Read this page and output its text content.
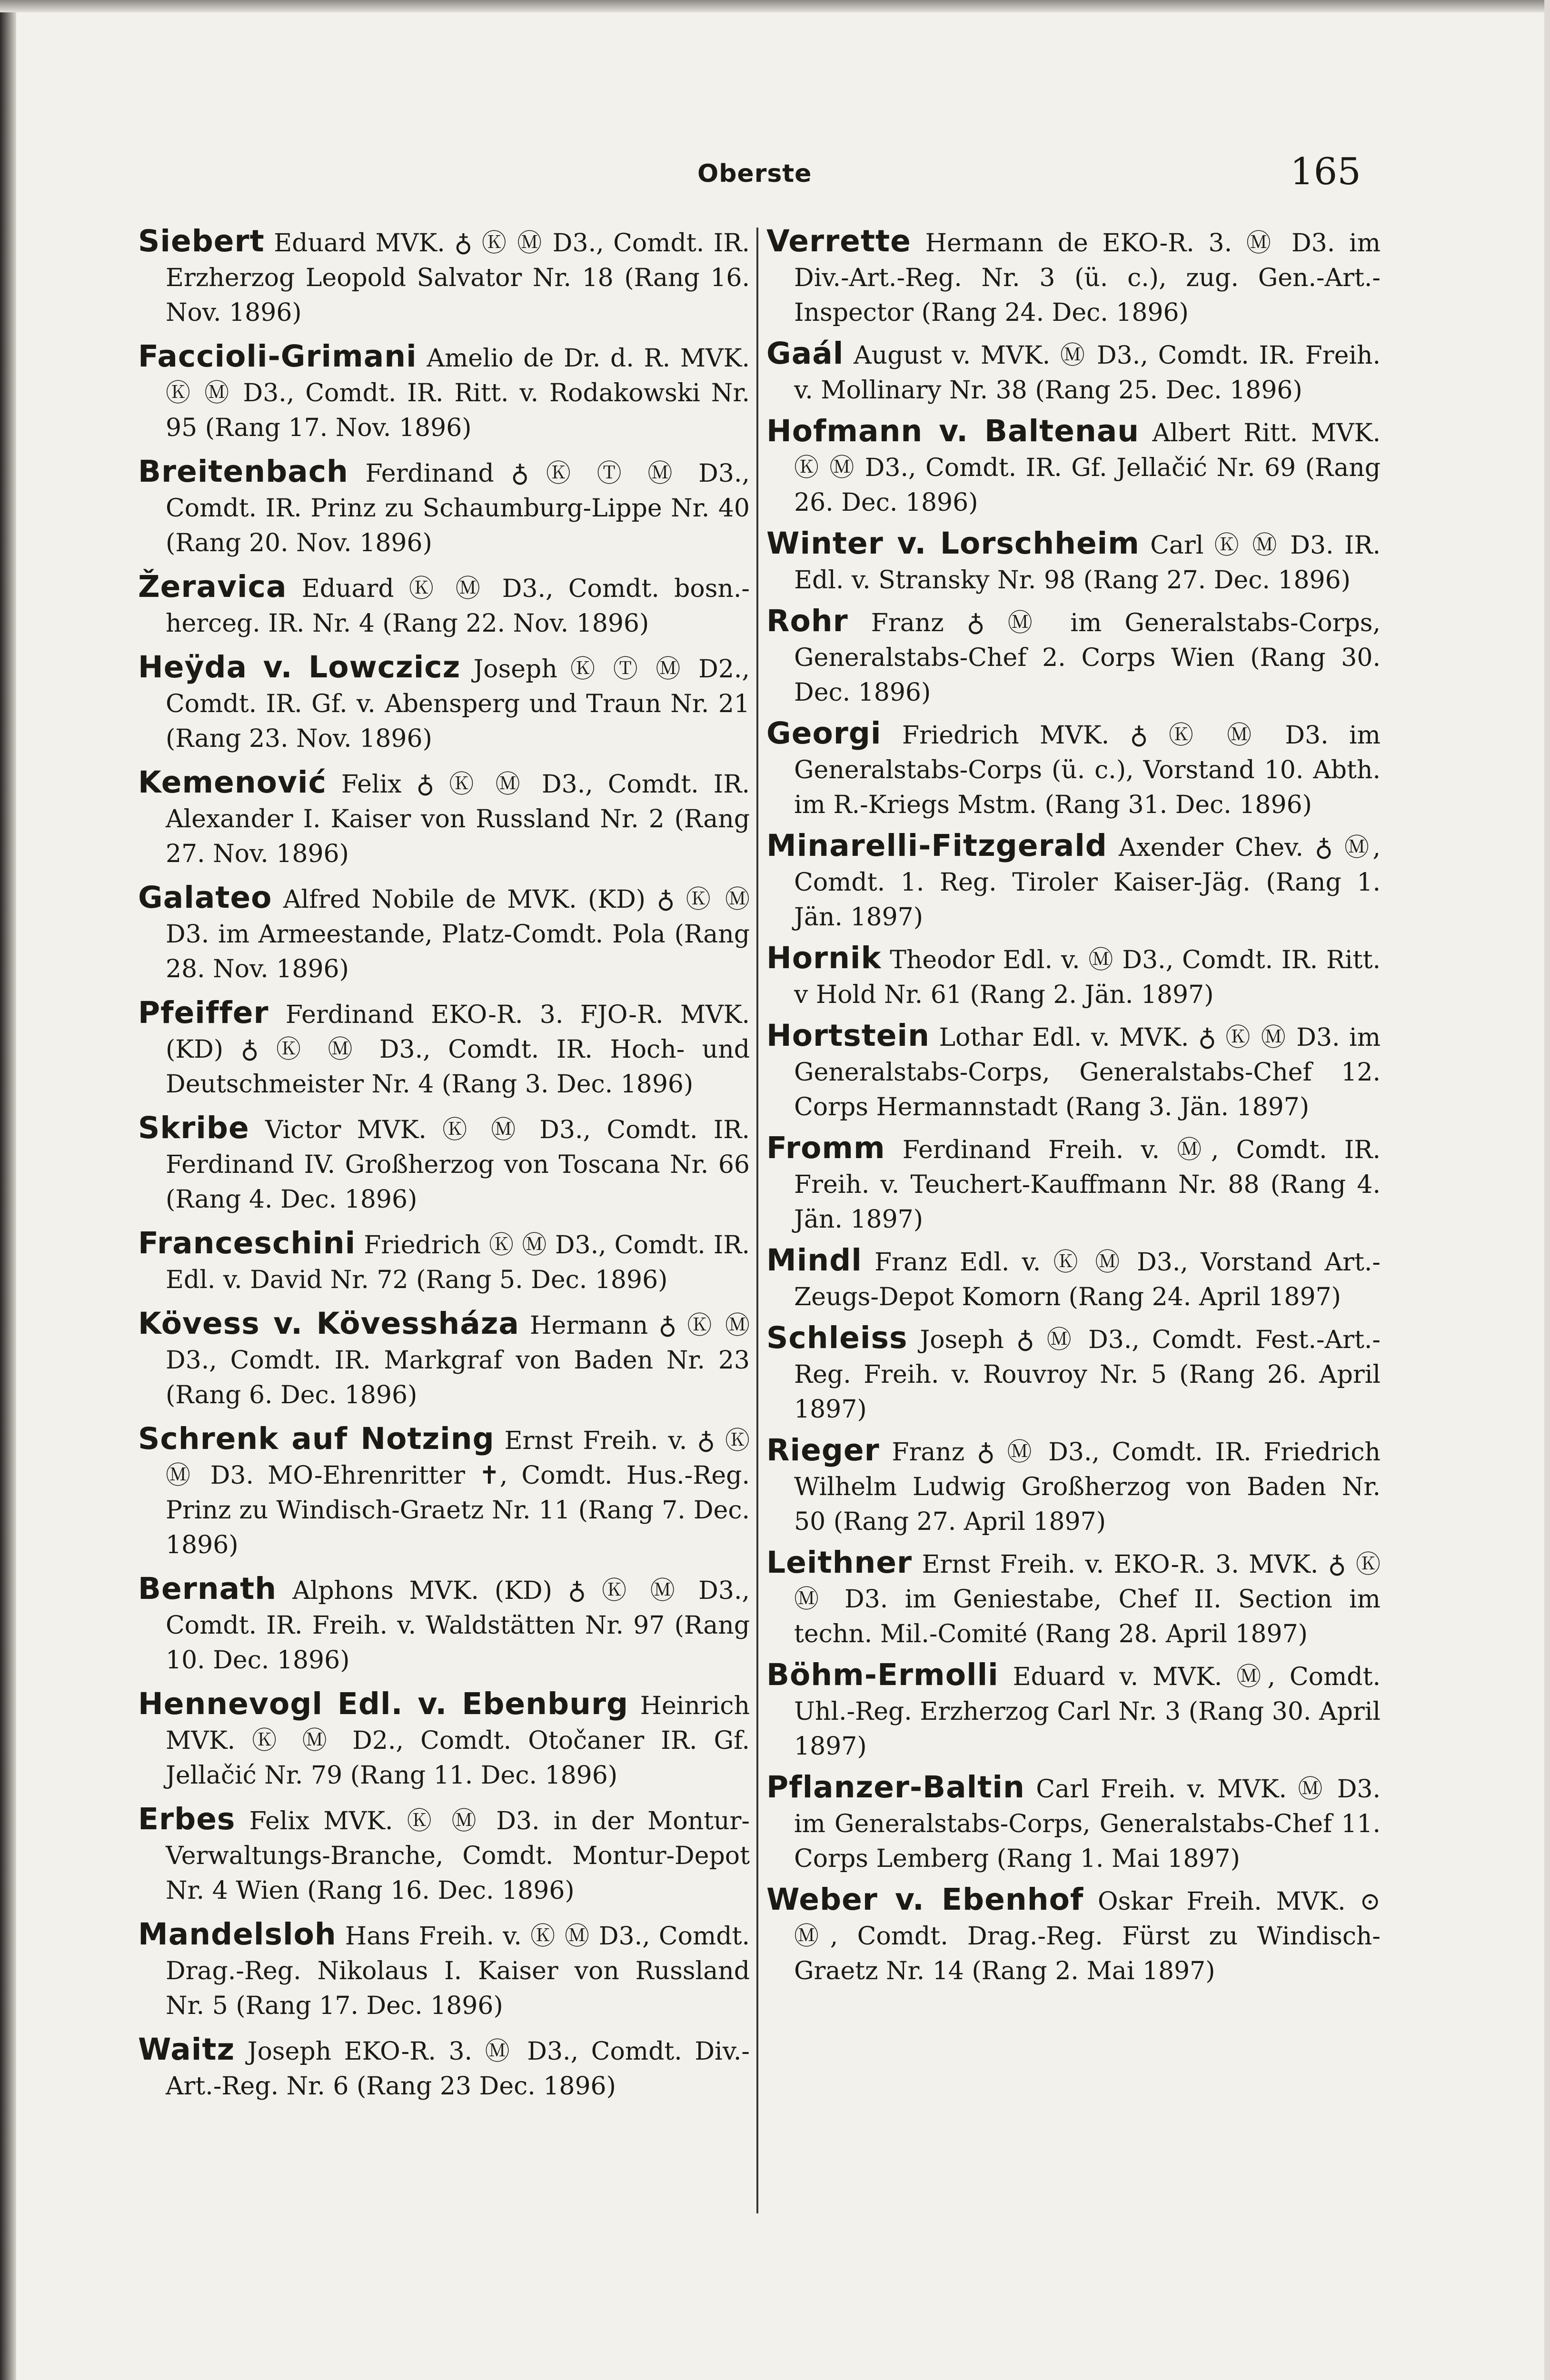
Oberste	165

Siebert Eduard MVK. ♁ Ⓚ Ⓜ D3., Comdt. IR. Erzherzog Leopold Salvator Nr. 18 (Rang 16. Nov. 1896)

Faccioli-Grimani Amelio de Dr. d. R. MVK. Ⓚ Ⓜ D3., Comdt. IR. Ritt. v. Rodakowski Nr. 95 (Rang 17. Nov. 1896)

Breitenbach Ferdinand ♁ Ⓚ Ⓣ Ⓜ D3., Comdt. IR. Prinz zu Schaumburg-Lippe Nr. 40 (Rang 20. Nov. 1896)

Žeravica Eduard Ⓚ Ⓜ D3., Comdt. bosn.-herceg. IR. Nr. 4 (Rang 22. Nov. 1896)

Heÿda v. Lowczicz Joseph Ⓚ Ⓣ Ⓜ D2., Comdt. IR. Gf. v. Abensperg und Traun Nr. 21 (Rang 23. Nov. 1896)

Kemenović Felix ♁ Ⓚ Ⓜ D3., Comdt. IR. Alexander I. Kaiser von Russland Nr. 2 (Rang 27. Nov. 1896)

Galateo Alfred Nobile de MVK. (KD) ♁ Ⓚ Ⓜ D3. im Armeestande, Platz-Comdt. Pola (Rang 28. Nov. 1896)

Pfeiffer Ferdinand EKO-R. 3. FJO-R. MVK. (KD) ♁ Ⓚ Ⓜ D3., Comdt. IR. Hoch- und Deutschmeister Nr. 4 (Rang 3. Dec. 1896)

Skribe Victor MVK. Ⓚ Ⓜ D3., Comdt. IR. Ferdinand IV. Großherzog von Toscana Nr. 66 (Rang 4. Dec. 1896)

Franceschini Friedrich Ⓚ Ⓜ D3., Comdt. IR. Edl. v. David Nr. 72 (Rang 5. Dec. 1896)

Kövess v. Kövessháza Hermann ♁ Ⓚ Ⓜ D3., Comdt. IR. Markgraf von Baden Nr. 23 (Rang 6. Dec. 1896)

Schrenk auf Notzing Ernst Freih. v. ♁ Ⓚ Ⓜ D3. MO-Ehrenritter ✝, Comdt. Hus.-Reg. Prinz zu Windisch-Graetz Nr. 11 (Rang 7. Dec. 1896)

Bernath Alphons MVK. (KD) ♁ Ⓚ Ⓜ D3., Comdt. IR. Freih. v. Waldstätten Nr. 97 (Rang 10. Dec. 1896)

Hennevogl Edl. v. Ebenburg Heinrich MVK. Ⓚ Ⓜ D2., Comdt. Otočaner IR. Gf. Jellačić Nr. 79 (Rang 11. Dec. 1896)

Erbes Felix MVK. Ⓚ Ⓜ D3. in der Montur-Verwaltungs-Branche, Comdt. Montur-Depot Nr. 4 Wien (Rang 16. Dec. 1896)

Mandelsloh Hans Freih. v. Ⓚ Ⓜ D3., Comdt. Drag.-Reg. Nikolaus I. Kaiser von Russland Nr. 5 (Rang 17. Dec. 1896)

Waitz Joseph EKO-R. 3. Ⓜ D3., Comdt. Div.-Art.-Reg. Nr. 6 (Rang 23 Dec. 1896)

Verrette Hermann de EKO-R. 3. Ⓜ D3. im Div.-Art.-Reg. Nr. 3 (ü. c.), zug. Gen.-Art.-Inspector (Rang 24. Dec. 1896)

Gaál August v. MVK. Ⓜ D3., Comdt. IR. Freih. v. Mollinary Nr. 38 (Rang 25. Dec. 1896)

Hofmann v. Baltenau Albert Ritt. MVK. Ⓚ Ⓜ D3., Comdt. IR. Gf. Jellačić Nr. 69 (Rang 26. Dec. 1896)

Winter v. Lorschheim Carl Ⓚ Ⓜ D3. IR. Edl. v. Stransky Nr. 98 (Rang 27. Dec. 1896)

Rohr Franz ♁ Ⓜ im Generalstabs-Corps, Generalstabs-Chef 2. Corps Wien (Rang 30. Dec. 1896)

Georgi Friedrich MVK. ♁ Ⓚ Ⓜ D3. im Generalstabs-Corps (ü. c.), Vorstand 10. Abth. im R.-Kriegs Mstm. (Rang 31. Dec. 1896)

Minarelli-Fitzgerald Axender Chev. ♁ Ⓜ, Comdt. 1. Reg. Tiroler Kaiser-Jäg. (Rang 1. Jän. 1897)

Hornik Theodor Edl. v. Ⓜ D3., Comdt. IR. Ritt. v Hold Nr. 61 (Rang 2. Jän. 1897)

Hortstein Lothar Edl. v. MVK. ♁ Ⓚ Ⓜ D3. im Generalstabs-Corps, Generalstabs-Chef 12. Corps Hermannstadt (Rang 3. Jän. 1897)

Fromm Ferdinand Freih. v. Ⓜ, Comdt. IR. Freih. v. Teuchert-Kauffmann Nr. 88 (Rang 4. Jän. 1897)

Mindl Franz Edl. v. Ⓚ Ⓜ D3., Vorstand Art.-Zeugs-Depot Komorn (Rang 24. April 1897)

Schleiss Joseph ♁ Ⓜ D3., Comdt. Fest.-Art.-Reg. Freih. v. Rouvroy Nr. 5 (Rang 26. April 1897)

Rieger Franz ♁ Ⓜ D3., Comdt. IR. Friedrich Wilhelm Ludwig Großherzog von Baden Nr. 50 (Rang 27. April 1897)

Leithner Ernst Freih. v. EKO-R. 3. MVK. ♁ Ⓚ Ⓜ D3. im Geniestabe, Chef II. Section im techn. Mil.-Comité (Rang 28. April 1897)

Böhm-Ermolli Eduard v. MVK. Ⓜ, Comdt. Uhl.-Reg. Erzherzog Carl Nr. 3 (Rang 30. April 1897)

Pflanzer-Baltin Carl Freih. v. MVK. Ⓜ D3. im Generalstabs-Corps, Generalstabs-Chef 11. Corps Lemberg (Rang 1. Mai 1897)

Weber v. Ebenhof Oskar Freih. MVK. ⊙ Ⓜ, Comdt. Drag.-Reg. Fürst zu Windisch-Graetz Nr. 14 (Rang 2. Mai 1897)
